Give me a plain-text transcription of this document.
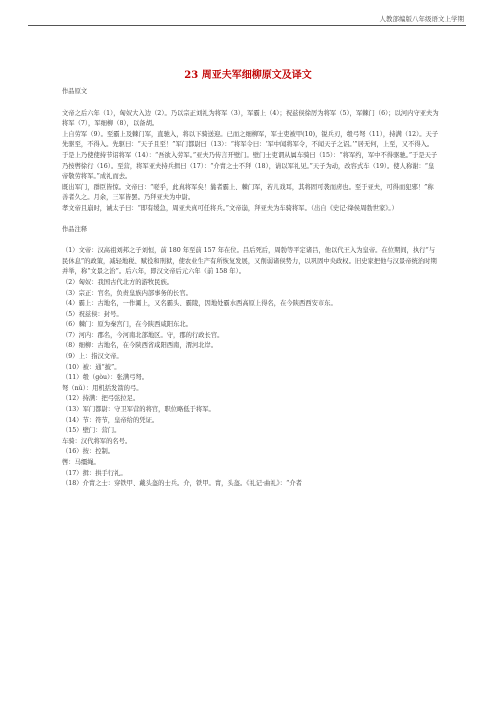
人教部编版八年级语文上学期
23 周亚夫军细柳原文及译文

作品原文

文帝之后六年（1），匈奴大入边（2）。乃以宗正刘礼为将军（3），军霸上（4）；祝兹侯徐厉为将军（5），军棘门（6）；以河内守亚夫为将军（7），军细柳（8），以备胡。
上自劳军（9）。至霸上及棘门军，直驰入，将以下骑送迎。已而之细柳军，军士吏被甲(10)，锐兵刃，彀弓弩（11），持满（12）。天子先驱至，不得入。先驱曰：“天子且至！”军门都尉曰（13）：“将军令曰：‘军中闻将军令，不闻天子之诏。’”居无何，上至，又不得入。于是上乃使使持节诏将军（14）：“吾欲入劳军。”亚夫乃传言开壁门。壁门士吏谓从属车骑曰（15）：“将军约，军中不得驱驰。”于是天子乃按辔徐行（16）。至营，将军亚夫持兵揖曰（17）：“介胄之士不拜（18），请以军礼见。”天子为动，改容式车（19）。使人称谢：“皇帝敬劳将军。”成礼而去。
既出军门，群臣皆惊。文帝曰：“嗟乎，此真将军矣！曩者霸上、棘门军，若儿戏耳，其将固可袭而虏也。至于亚夫，可得而犯邪！”称善者久之。月余，三军皆罢。乃拜亚夫为中尉。
孝文帝且崩时，诫太子曰：“即有缓急，周亚夫真可任将兵。”文帝崩，拜亚夫为车骑将军。（出自《史记·绛侯周勃世家》。）

作品注释

（1）文帝：汉高祖刘邦之子刘恒，前 180 年至前 157 年在位。吕后死后，周勃等平定诸吕，他以代王入为皇帝。在位期间，执行“与民休息”的政策，减轻地税、赋役和刑狱，使农业生产有所恢复发展，又削弱诸侯势力，以巩固中央政权。旧史家把他与汉景帝统治时期并举，称“文景之治”。后六年，即汉文帝后元六年（前 158 年）。
（2）匈奴：我国古代北方的游牧民族。
（3）宗正：官名，负责皇族内部事务的长官。
（4）霸上：古地名，一作灞上，又名霸头、霸陵，因地处霸水西高原上得名，在今陕西西安市东。
（5）祝兹侯：封号。
（6）棘门：原为秦宫门，在今陕西咸阳东北。
（7）河内：郡名，今河南北部地区。守，郡的行政长官。
（8）细柳：古地名，在今陕西省咸阳西南，渭河北岸。
（9）上：指汉文帝。
（10）被：通“披”。
（11）彀（gòu）：张满弓弩。
弩（nǔ）：用机括发箭的弓。
（12）持满：把弓弦拉足。
（13）军门都尉：守卫军营的将官，职位略低于将军。
（14）节：符节，皇帝给的凭证。
（15）壁门：营门。
车骑：汉代将军的名号。
（16）按：控制。
辔：马缰绳。
（17）揖：拱手行礼。
（18）介胄之士：穿铁甲、戴头盔的士兵。介，铁甲。胄，头盔。《礼记·曲礼》：“介者
